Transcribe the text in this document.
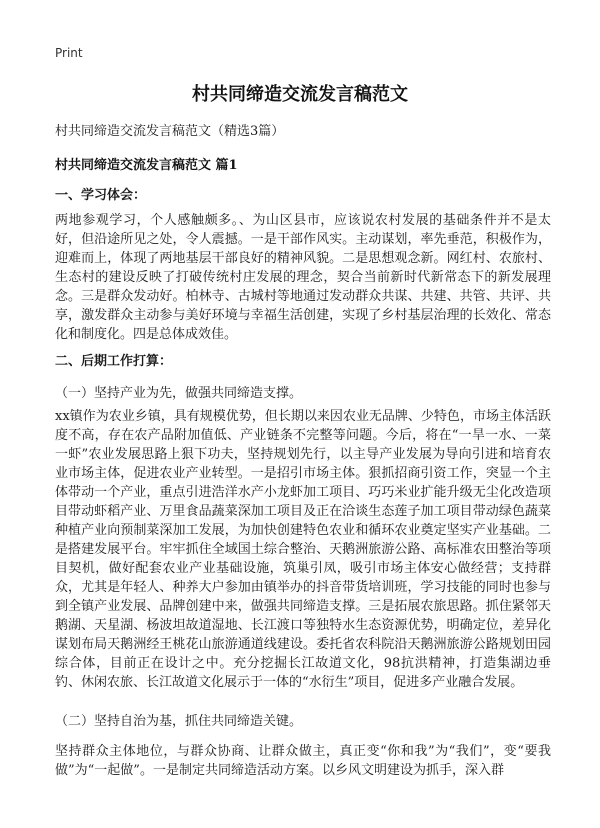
Print
村共同缔造交流发言稿范文
村共同缔造交流发言稿范文（精选3篇）
村共同缔造交流发言稿范文 篇1
一、学习体会：
两地参观学习，个人感触颇多。、为山区县市，应该说农村发展的基础条件并不是太好，但沿途所见之处，令人震撼。一是干部作风实。主动谋划，率先垂范，积极作为，迎难而上，体现了两地基层干部良好的精神风貌。二是思想观念新。网红村、农旅村、生态村的建设反映了打破传统村庄发展的理念，契合当前新时代新常态下的新发展理念。三是群众发动好。柏林寺、古城村等地通过发动群众共谋、共建、共管、共评、共享，激发群众主动参与美好环境与幸福生活创建，实现了乡村基层治理的长效化、常态化和制度化。四是总体成效佳。
二、后期工作打算：
（一）坚持产业为先，做强共同缔造支撑。
xx镇作为农业乡镇，具有规模优势，但长期以来因农业无品牌、少特色，市场主体活跃度不高，存在农产品附加值低、产业链条不完整等问题。今后，将在“一旱一水、一菜一虾”农业发展思路上狠下功夫，坚持规划先行，以主导产业发展为导向引进和培育农业市场主体，促进农业产业转型。一是招引市场主体。狠抓招商引资工作，突显一个主体带动一个产业，重点引进浩洋水产小龙虾加工项目、巧巧米业扩能升级无尘化改造项目带动虾稻产业、万里食品蔬菜深加工项目及正在洽谈生态莲子加工项目带动绿色蔬菜种植产业向预制菜深加工发展，为加快创建特色农业和循环农业奠定坚实产业基础。二是搭建发展平台。牢牢抓住全域国土综合整治、天鹅洲旅游公路、高标准农田整治等项目契机，做好配套农业产业基础设施，筑巢引凤，吸引市场主体安心做经营；支持群众，尤其是年轻人、种养大户参加由镇举办的抖音带货培训班，学习技能的同时也参与到全镇产业发展、品牌创建中来，做强共同缔造支撑。三是拓展农旅思路。抓住紧邻天鹅湖、天星湖、杨波坦故道湿地、长江渡口等独特水生态资源优势，明确定位，差异化谋划布局天鹅洲经王桃花山旅游通道线建设。委托省农科院沿天鹅洲旅游公路规划田园综合体，目前正在设计之中。充分挖掘长江故道文化，98抗洪精神，打造集湖边垂钓、休闲农旅、长江故道文化展示于一体的“水衍生”项目，促进多产业融合发展。
（二）坚持自治为基，抓住共同缔造关键。
坚持群众主体地位，与群众协商、让群众做主，真正变“你和我”为“我们”，变“要我做”为“一起做”。一是制定共同缔造活动方案。以乡风文明建设为抓手，深入群
